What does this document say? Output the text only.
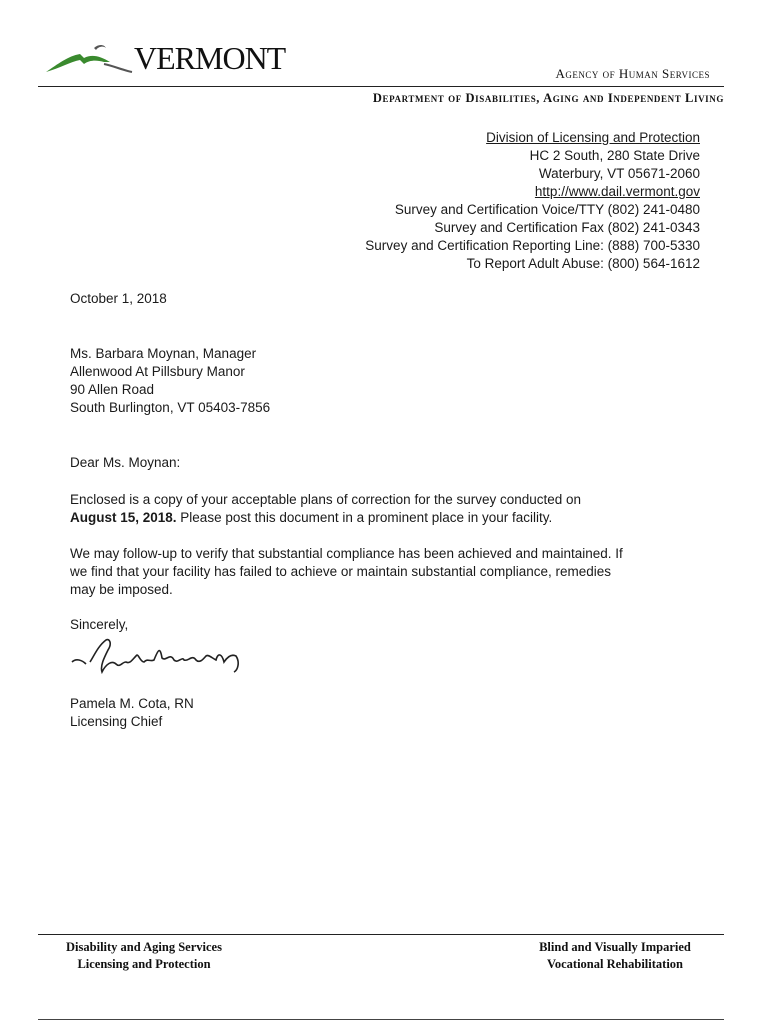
VERMONT	Agency of Human Services
Department of Disabilities, Aging and Independent Living
Division of Licensing and Protection
HC 2 South, 280 State Drive
Waterbury, VT 05671-2060
http://www.dail.vermont.gov
Survey and Certification Voice/TTY (802) 241-0480
Survey and Certification Fax (802) 241-0343
Survey and Certification Reporting Line: (888) 700-5330
To Report Adult Abuse: (800) 564-1612
October 1, 2018
Ms. Barbara Moynan, Manager
Allenwood At Pillsbury Manor
90 Allen Road
South Burlington, VT 05403-7856
Dear Ms. Moynan:
Enclosed is a copy of your acceptable plans of correction for the survey conducted on
August 15, 2018. Please post this document in a prominent place in your facility.
We may follow-up to verify that substantial compliance has been achieved and maintained. If
we find that your facility has failed to achieve or maintain substantial compliance, remedies
may be imposed.
Sincerely,
Pamela M. Cota, RN
Licensing Chief
Disability and Aging Services
Licensing and Protection
Blind and Visually Imparied
Vocational Rehabilitation
